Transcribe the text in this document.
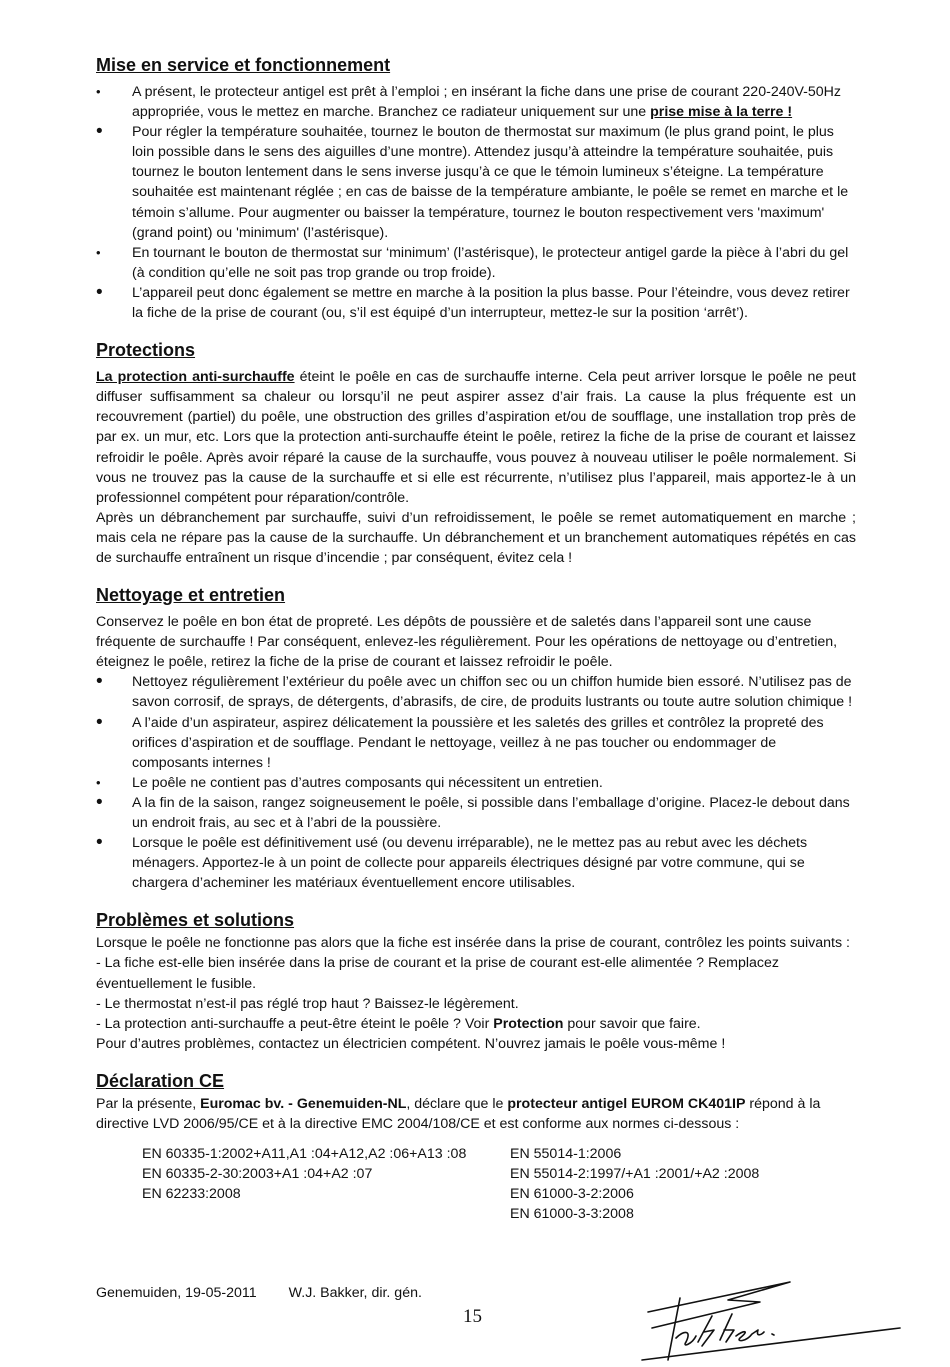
Mise en service et fonctionnement
• A présent, le protecteur antigel est prêt à l’emploi ; en insérant la fiche dans une prise de courant 220-240V-50Hz appropriée, vous le mettez en marche. Branchez ce radiateur uniquement sur une prise mise à la terre !
• Pour régler la température souhaitée, tournez le bouton de thermostat sur maximum (le plus grand point, le plus loin possible dans le sens des aiguilles d’une montre). Attendez jusqu’à atteindre la température souhaitée, puis tournez le bouton lentement dans le sens inverse jusqu’à ce que le témoin lumineux s’éteigne. La température souhaitée est maintenant réglée ; en cas de baisse de la température ambiante, le poêle se remet en marche et le témoin s’allume. Pour augmenter ou baisser la température, tournez le bouton respectivement vers 'maximum' (grand point) ou 'minimum' (l’astérisque).
• En tournant le bouton de thermostat sur ‘minimum’ (l’astérisque), le protecteur antigel garde la pièce à l’abri du gel (à condition qu’elle ne soit pas trop grande ou trop froide).
• L’appareil peut donc également se mettre en marche à la position la plus basse. Pour l’éteindre, vous devez retirer la fiche de la prise de courant (ou, s’il est équipé d’un interrupteur, mettez-le sur la position ‘arrêt’).
Protections

La protection anti-surchauffe éteint le poêle en cas de surchauffe interne. Cela peut arriver lorsque le poêle ne peut diffuser suffisamment sa chaleur ou lorsqu’il ne peut aspirer assez d’air frais. La cause la plus fréquente est un recouvrement (partiel) du poêle, une obstruction des grilles d’aspiration et/ou de soufflage, une installation trop près de par ex. un mur, etc. Lors que la protection anti-surchauffe éteint le poêle, retirez la fiche de la prise de courant et laissez refroidir le poêle. Après avoir réparé la cause de la surchauffe, vous pouvez à nouveau utiliser le poêle normalement. Si vous ne trouvez pas la cause de la surchauffe et si elle est récurrente, n’utilisez plus l’appareil, mais apportez-le à un professionnel compétent pour réparation/contrôle.

Après un débranchement par surchauffe, suivi d’un refroidissement, le poêle se remet automatiquement en marche ; mais cela ne répare pas la cause de la surchauffe. Un débranchement et un branchement automatiques répétés en cas de surchauffe entraînent un risque d’incendie ; par conséquent, évitez cela !

Nettoyage et entretien

Conservez le poêle en bon état de propreté. Les dépôts de poussière et de saletés dans l’appareil sont une cause fréquente de surchauffe ! Par conséquent, enlevez-les régulièrement. Pour les opérations de nettoyage ou d’entretien, éteignez le poêle, retirez la fiche de la prise de courant et laissez refroidir le poêle.

• Nettoyez régulièrement l’extérieur du poêle avec un chiffon sec ou un chiffon humide bien essoré. N’utilisez pas de savon corrosif, de sprays, de détergents, d’abrasifs, de cire, de produits lustrants ou toute autre solution chimique !
• A l’aide d’un aspirateur, aspirez délicatement la poussière et les saletés des grilles et contrôlez la propreté des orifices d’aspiration et de soufflage. Pendant le nettoyage, veillez à ne pas toucher ou endommager de composants internes !
• Le poêle ne contient pas d’autres composants qui nécessitent un entretien.
• A la fin de la saison, rangez soigneusement le poêle, si possible dans l’emballage d’origine. Placez-le debout dans un endroit frais, au sec et à l’abri de la poussière.
• Lorsque le poêle est définitivement usé (ou devenu irréparable), ne le mettez pas au rebut avec les déchets ménagers. Apportez-le à un point de collecte pour appareils électriques désigné par votre commune, qui se chargera d’acheminer les matériaux éventuellement encore utilisables.
Problèmes et solutions

Lorsque le poêle ne fonctionne pas alors que la fiche est insérée dans la prise de courant, contrôlez les points suivants :

- La fiche est-elle bien insérée dans la prise de courant et la prise de courant est-elle alimentée ? Remplacez éventuellement le fusible.

- Le thermostat n’est-il pas réglé trop haut ? Baissez-le légèrement.

- La protection anti-surchauffe a peut-être éteint le poêle ? Voir Protection pour savoir que faire.

Pour d’autres problèmes, contactez un électricien compétent. N’ouvrez jamais le poêle vous-même !

Déclaration CE

Par la présente, Euromac bv. - Genemuiden-NL, déclare que le protecteur antigel EUROM CK401IP répond à la directive LVD 2006/95/CE et à la directive EMC 2004/108/CE et est conforme aux normes ci-dessous :

EN 60335-1:2002+A11,A1 :04+A12,A2 :06+A13 :08
EN 60335-2-30:2003+A1 :04+A2 :07
EN 62233:2008
EN 55014-1:2006
EN 55014-2:1997/+A1 :2001/+A2 :2008
EN 61000-3-2:2006
EN 61000-3-3:2008
Genemuiden, 19-05-2011 W.J. Bakker, dir. gén.
15
